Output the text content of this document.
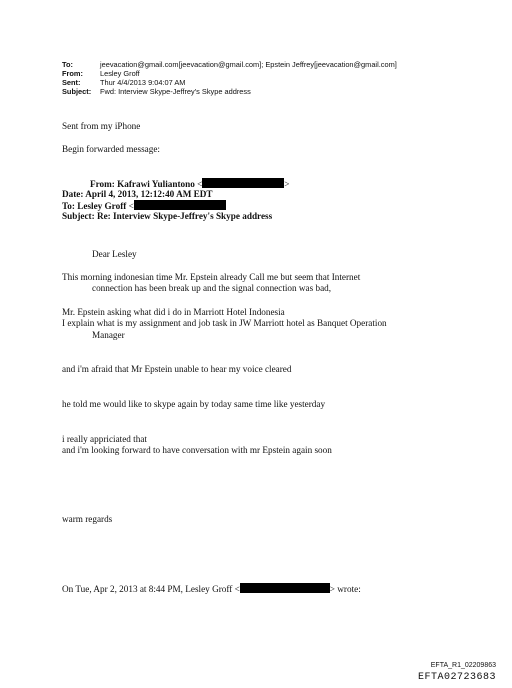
To:	jeevacation@gmail.com[jeevacation@gmail.com]; Epstein Jeffrey[jeevacation@gmail.com]
From: Lesley Groff
Sent:	Thur 4/4/2013 9:04:07 AM
Subject: Fwd: Interview Skype-Jeffrey's Skype address
Sent from my iPhone
Begin forwarded message:
From: Kafrawi Yuliantono <	>
Date: April 4, 2013, 12:12:40 AM EDT
To: Lesley Groff <
Subject: Re: Interview Skype-Jeffrey's Skype address
Dear Lesley
This morning indonesian time Mr. Epstein already Call me but seem that Internet
connection has been break up and the signal connection was bad,
Mr. Epstein asking what did i do in Marriott Hotel Indonesia
I explain what is my assignment and job task in JW Marriott hotel as Banquet Operation
Manager
and i'm afraid that Mr Epstein unable to hear my voice cleared
he told me would like to skype again by today same time like yesterday
i really appriciated that
and i'm looking forward to have conversation with mr Epstein again soon
warm regards
On Tue, Apr 2, 2013 at 8:44 PM, Lesley Groff <	> wrote:
EFTA_R1_02209863
EFTA02723683
